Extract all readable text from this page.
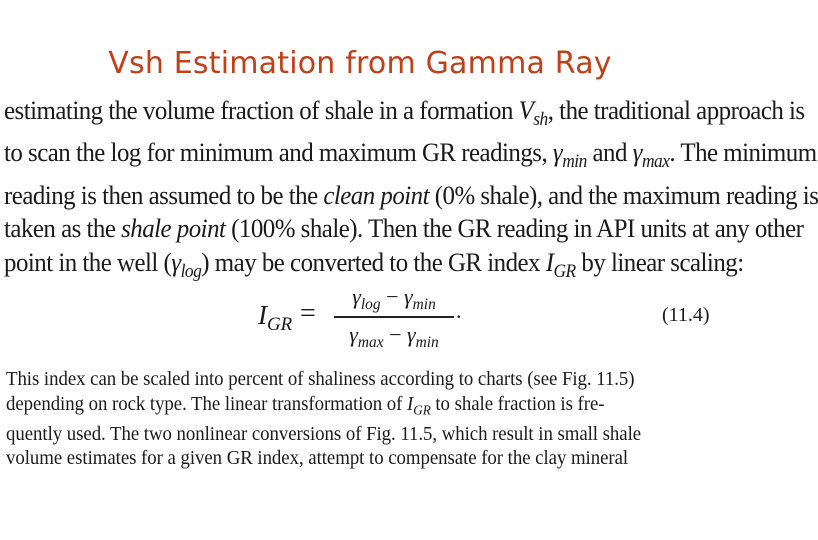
Vsh Estimation from Gamma Ray
estimating the volume fraction of shale in a formation $V_{sh}$, the traditional approach is
to scan the log for minimum and maximum GR readings, $\gamma_{min}$ and $\gamma_{max}$. The minimum
reading is then assumed to be the clean point (0% shale), and the maximum reading is
taken as the shale point (100% shale). Then the GR reading in API units at any other
point in the well $(\gamma_{log})$ may be converted to the GR index $I_{GR}$ by linear scaling:
$I_{GR}$ =
$\gamma_{log} - \gamma_{min}$
$\gamma_{max} - \gamma_{min}$
.	(11.4)
This index can be scaled into percent of shaliness according to charts (see Fig. 11.5)
depending on rock type. The linear transformation of $I_{GR}$ to shale fraction is fre-
quently used. The two nonlinear conversions of Fig. 11.5, which result in small shale
volume estimates for a given GR index, attempt to compensate for the clay mineral
